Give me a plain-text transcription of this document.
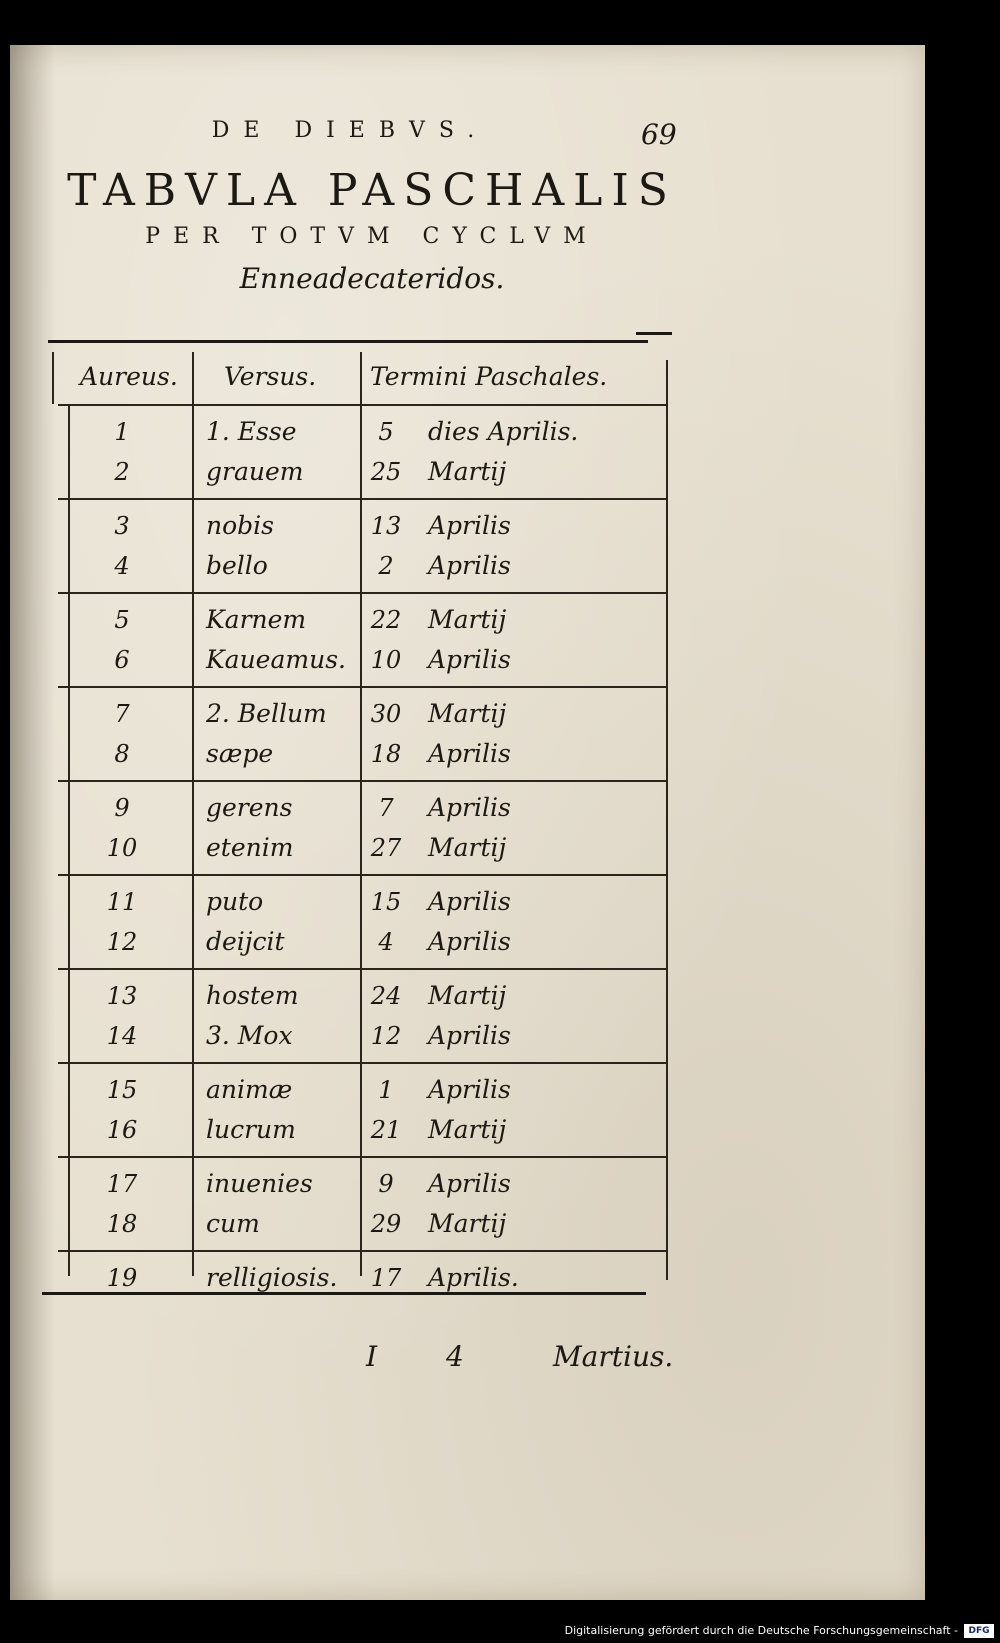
DE DIEBVS.	69
TABVLA PASCHALIS
PER TOTVM CYCLVM
Enneadecateridos.
Aureus. Versus. Termini Paschales.
1	1. Esse	5	dies Aprilis.
2	grauem	25	Martij
3	nobis	13	Aprilis
4	bello	2	Aprilis
5	Karnem	22	Martij
6	Kaueamus.	10	Aprilis
7	2. Bellum	30	Martij
8	sæpe	18	Aprilis
9	gerens	7	Aprilis
10	etenim	27	Martij
11	puto	15	Aprilis
12	deijcit	4	Aprilis
13	hostem	24	Martij
14	3. Mox	12	Aprilis
15	animæ	1	Aprilis
16	lucrum	21	Martij
17	inuenies	9	Aprilis
18	cum	29	Martij
19	relligiosis.	17	Aprilis.
I 4 Martius.
Digitalisierung gefördert durch die Deutsche Forschungsgemeinschaft -	DFG
